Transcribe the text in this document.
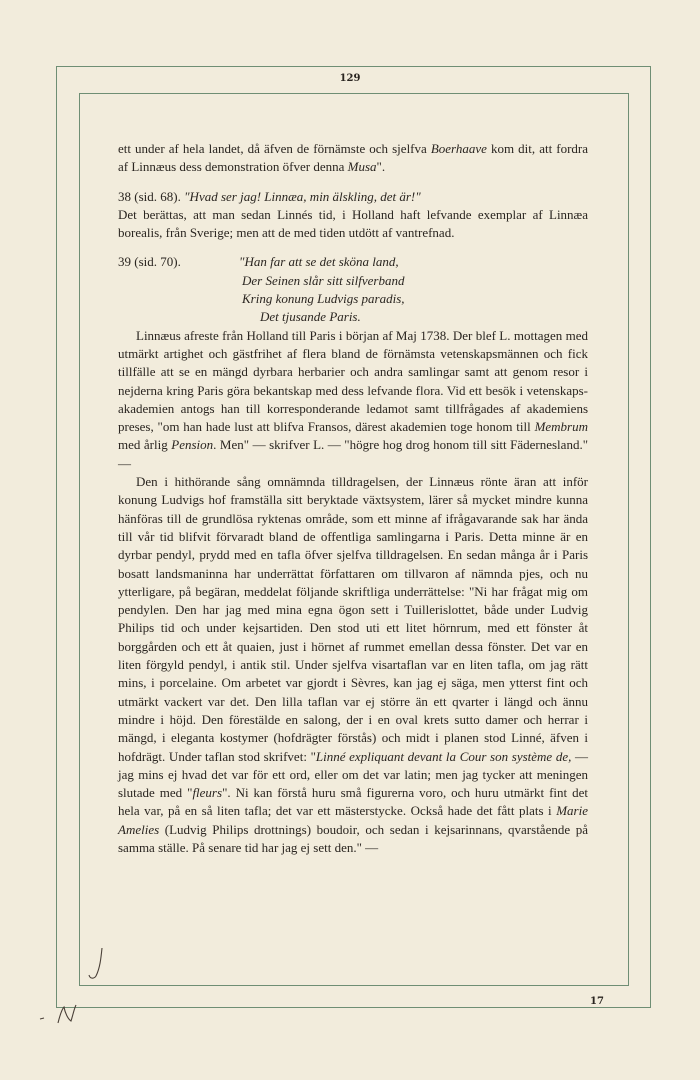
129

ett under af hela landet, då äfven de förnämste och sjelfva Boerhaave kom dit, att fordra af Linnæus dess demonstration öfver denna Musa".

38 (sid. 68). "Hvad ser jag! Linnæa, min älskling, det är!"

Det berättas, att man sedan Linnés tid, i Holland haft lefvande exemplar af Linnæa borealis, från Sverige; men att de med tiden utdött af vantrefnad.

39 (sid. 70).	"Han far att se det sköna land,

Der Seinen slår sitt silfverband
Kring konung Ludvigs paradis,
Det tjusande Paris.

Linnæus afreste från Holland till Paris i början af Maj 1738. Der blef L. mottagen med utmärkt artighet och gästfrihet af flera bland de förnämsta vetenskapsmännen och fick tillfälle att se en mängd dyrbara herbarier och andra samlingar samt att genom resor i nejderna kring Paris göra bekantskap med dess lefvande flora. Vid ett besök i vetenskaps-akademien antogs han till korresponderande ledamot samt tillfrågades af akademiens preses, "om han hade lust att blifva Fransos, därest akademien toge honom till Membrum med årlig Pension. Men" — skrifver L. — "högre hog drog honom till sitt Fädernesland." —

Den i hithörande sång omnämnda tilldragelsen, der Linnæus rönte äran att inför konung Ludvigs hof framställa sitt beryktade växtsystem, lärer så mycket mindre kunna hänföras till de grundlösa ryktenas område, som ett minne af ifrågavarande sak har ända till vår tid blifvit förvaradt bland de offentliga samlingarna i Paris. Detta minne är en dyrbar pendyl, prydd med en tafla öfver sjelfva tilldragelsen. En sedan många år i Paris bosatt landsmaninna har underrättat författaren om tillvaron af nämnda pjes, och nu ytterligare, på begäran, meddelat följande skriftliga underrättelse: "Ni har frågat mig om pendylen. Den har jag med mina egna ögon sett i Tuillerislottet, både under Ludvig Philips tid och under kejsartiden. Den stod uti ett litet hörnrum, med ett fönster åt borggården och ett åt quaien, just i hörnet af rummet emellan dessa fönster. Det var en liten förgyld pendyl, i antik stil. Under sjelfva visartaflan var en liten tafla, om jag rätt mins, i porcelaine. Om arbetet var gjordt i Sèvres, kan jag ej säga, men ytterst fint och utmärkt vackert var det. Den lilla taflan var ej större än ett qvarter i längd och ännu mindre i höjd. Den förestälde en salong, der i en oval krets sutto damer och herrar i mängd, i eleganta kostymer (hofdrägter förstås) och midt i planen stod Linné, äfven i hofdrägt. Under taflan stod skrifvet: "Linné expliquant devant la Cour son système de, — jag mins ej hvad det var för ett ord, eller om det var latin; men jag tycker att meningen slutade med "fleurs". Ni kan förstå huru små figurerna voro, och huru utmärkt fint det hela var, på en så liten tafla; det var ett mästerstycke. Också hade det fått plats i Marie Amelies (Ludvig Philips drottnings) boudoir, och sedan i kejsarinnans, qvarstående på samma ställe. På senare tid har jag ej sett den." —

17
